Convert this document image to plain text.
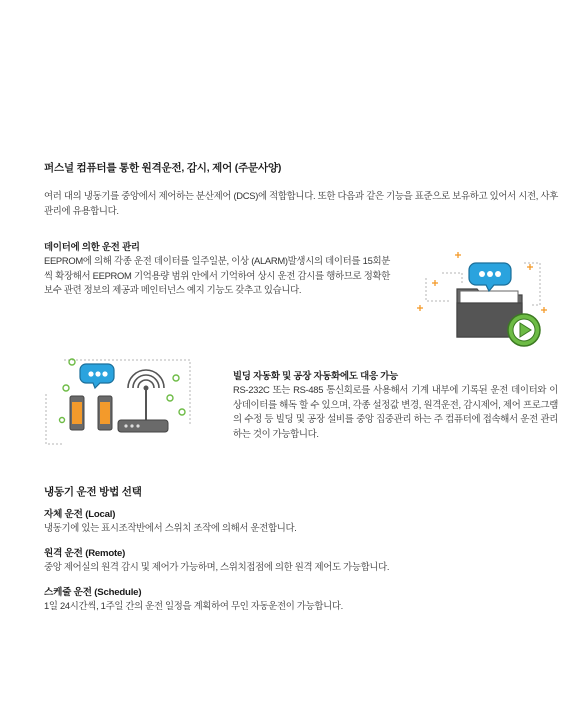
퍼스널 컴퓨터를 통한 원격운전, 감시, 제어 (주문사양)
여러 대의 냉동기를 중앙에서 제어하는 분산제어 (DCS)에 적합합니다. 또한 다음과 같은 기능을 표준으로 보유하고 있어서 시전, 사후관리에 유용합니다.
데이터에 의한 운전 관리
EEPROM에 의해 각종 운전 데이터를 일주일분, 이상 (ALARM)발생시의 데이터를 15회분 씩 확장해서 EEPROM 기억용량 범위 안에서 기억하여 상시 운전 감시를 행하므로 정확한 보수 관련 정보의 제공과 메인터넌스 예지 기능도 갖추고 있습니다.
빌딩 자동화 및 공장 자동화에도 대응 가능
RS-232C 또는 RS-485 통신회로를 사용해서 기계 내부에 기록된 운전 데이터와 이상데이터를 해독 할 수 있으며, 각종 설정값 변경, 원격운전, 감시제어, 제어 프로그램의 수정 등 빌딩 및 공장 설비를 중앙 집중관리 하는 주 컴퓨터에 접속해서 운전 관리하는 것이 가능합니다.
냉동기 운전 방법 선택
자체 운전 (Local)
냉동기에 있는 표시조작반에서 스위치 조작에 의해서 운전합니다.
원격 운전 (Remote)
중앙 제어실의 원격 감시 및 제어가 가능하며, 스위치접점에 의한 원격 제어도 가능합니다.
스케줄 운전 (Schedule)
1일 24시간씩, 1주일 간의 운전 일정을 계획하여 무인 자동운전이 가능합니다.
